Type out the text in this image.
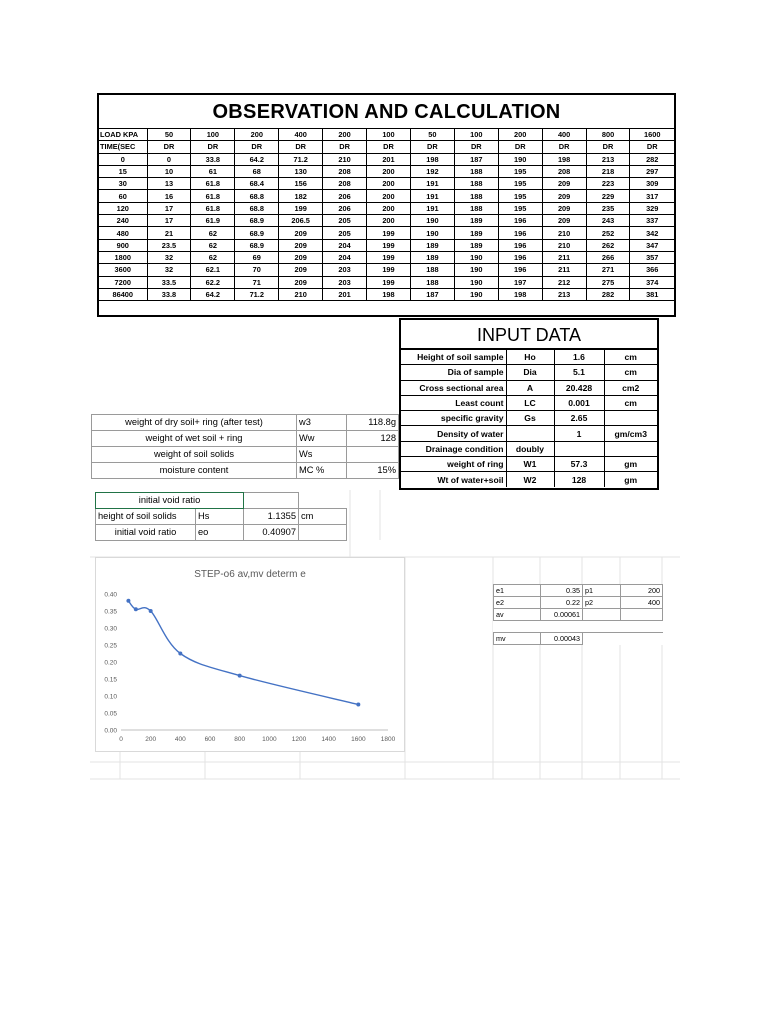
OBSERVATION AND CALCULATION
LOAD KPA	50	100	200	400	200	100	50	100	200	400	800	1600
TIME(SEC	DR	DR	DR	DR	DR	DR	DR	DR	DR	DR	DR	DR
0	0	33.8	64.2	71.2	210	201	198	187	190	198	213	282
15	10	61	68	130	208	200	192	188	195	208	218	297
30	13	61.8	68.4	156	208	200	191	188	195	209	223	309
60	16	61.8	68.8	182	206	200	191	188	195	209	229	317
120	17	61.8	68.8	199	206	200	191	188	195	209	235	329
240	17	61.9	68.9	206.5	205	200	190	189	196	209	243	337
480	21	62	68.9	209	205	199	190	189	196	210	252	342
900	23.5	62	68.9	209	204	199	189	189	196	210	262	347
1800	32	62	69	209	204	199	189	190	196	211	266	357
3600	32	62.1	70	209	203	199	188	190	196	211	271	366
7200	33.5	62.2	71	209	203	199	188	190	197	212	275	374
86400	33.8	64.2	71.2	210	201	198	187	190	198	213	282	381
INPUT DATA
Height of soil sample	Ho	1.6	cm
Dia of sample	Dia	5.1	cm
Cross sectional area	A	20.428	cm2
Least count	LC	0.001	cm
specific gravity	Gs	2.65	
Density of water		1	gm/cm3
Drainage condition	doubly		
weight of ring	W1	57.3	gm
Wt of water+soil	W2	128	gm
weight of dry soil+ ring (after test)	w3	118.8g
weight of wet soil + ring	Ww	128
weight of soil solids	Ws	
moisture content	MC %	15%
initial void ratio			
height of soil solids	Hs	1.1355	cm
initial void ratio	eo	0.40907	
STEP-o6 av,mv determ e
0.00
0.05
0.10
0.15
0.20
0.25
0.30
0.35
0.40
0	200	400	600	800	1000 1200 1400 1600 1800
e1	0.35	p1	200
e2	0.22	p2	400
av	0.00061		

mv	0.00043		
